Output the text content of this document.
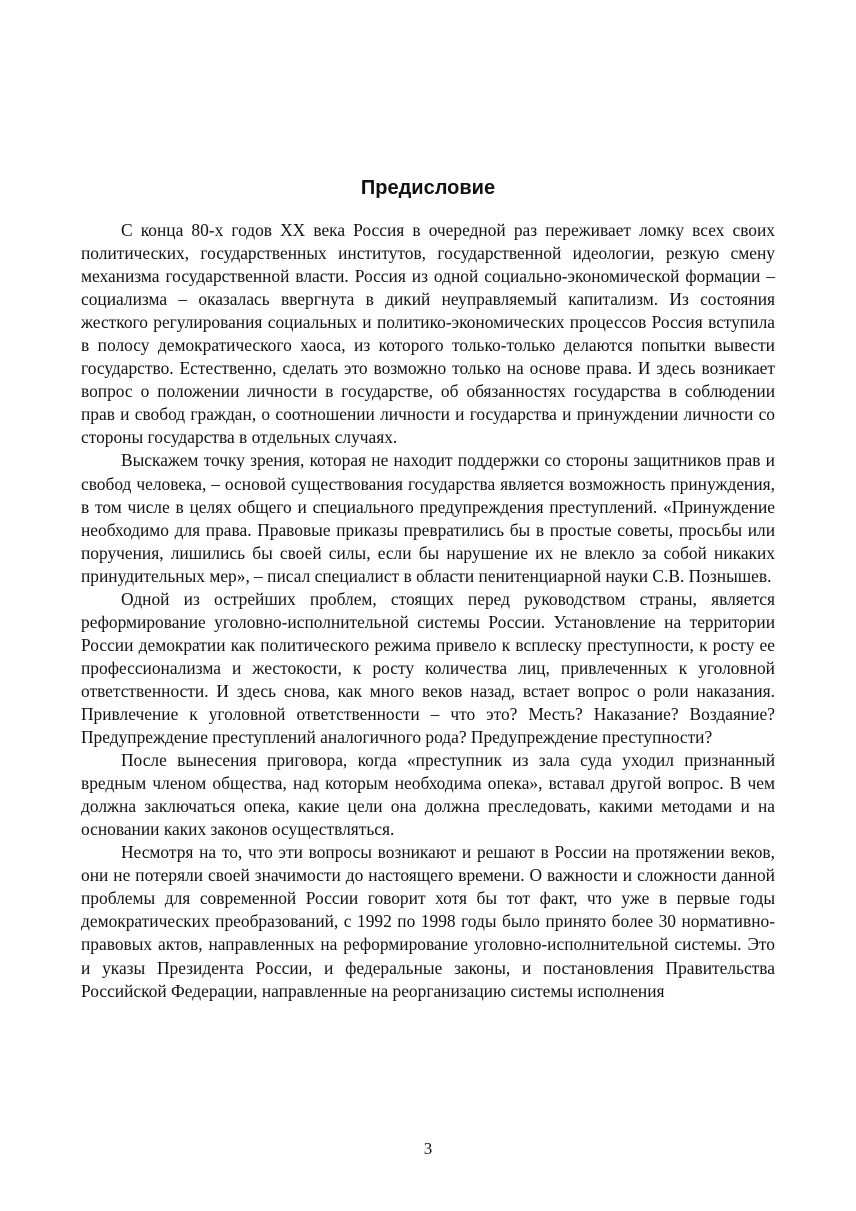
Предисловие

С конца 80-х годов XX века Россия в очередной раз переживает ломку всех своих политических, государственных институтов, государственной идеологии, резкую смену механизма государственной власти. Россия из одной социально-экономической формации – социализма – оказалась ввергнута в дикий неуправляемый капитализм. Из состояния жесткого регулирования социальных и политико-экономических процессов Россия вступила в полосу демократического хаоса, из которого только-только делаются попытки вывести государство. Естественно, сделать это возможно только на основе права. И здесь возникает вопрос о положении личности в государстве, об обязанностях государства в соблюдении прав и свобод граждан, о соотношении личности и государства и принуждении личности со стороны государства в отдельных случаях.

Выскажем точку зрения, которая не находит поддержки со стороны защитников прав и свобод человека, – основой существования государства является возможность принуждения, в том числе в целях общего и специального предупреждения преступлений. «Принуждение необходимо для права. Правовые приказы превратились бы в простые советы, просьбы или поручения, лишились бы своей силы, если бы нарушение их не влекло за собой никаких принудительных мер», – писал специалист в области пенитенциарной науки С.В. Познышев.

Одной из острейших проблем, стоящих перед руководством страны, является реформирование уголовно-исполнительной системы России. Установление на территории России демократии как политического режима привело к всплеску преступности, к росту ее профессионализма и жестокости, к росту количества лиц, привлеченных к уголовной ответственности. И здесь снова, как много веков назад, встает вопрос о роли наказания. Привлечение к уголовной ответственности – что это? Месть? Наказание? Воздаяние? Предупреждение преступлений аналогичного рода? Предупреждение преступности?

После вынесения приговора, когда «преступник из зала суда уходил признанный вредным членом общества, над которым необходима опека», вставал другой вопрос. В чем должна заключаться опека, какие цели она должна преследовать, какими методами и на основании каких законов осуществляться.

Несмотря на то, что эти вопросы возникают и решают в России на протяжении веков, они не потеряли своей значимости до настоящего времени. О важности и сложности данной проблемы для современной России говорит хотя бы тот факт, что уже в первые годы демократических преобразований, с 1992 по 1998 годы было принято более 30 нормативно-правовых актов, направленных на реформирование уголовно-исполнительной системы. Это и указы Президента России, и федеральные законы, и постановления Правительства Российской Федерации, направленные на реорганизацию системы исполнения

3
